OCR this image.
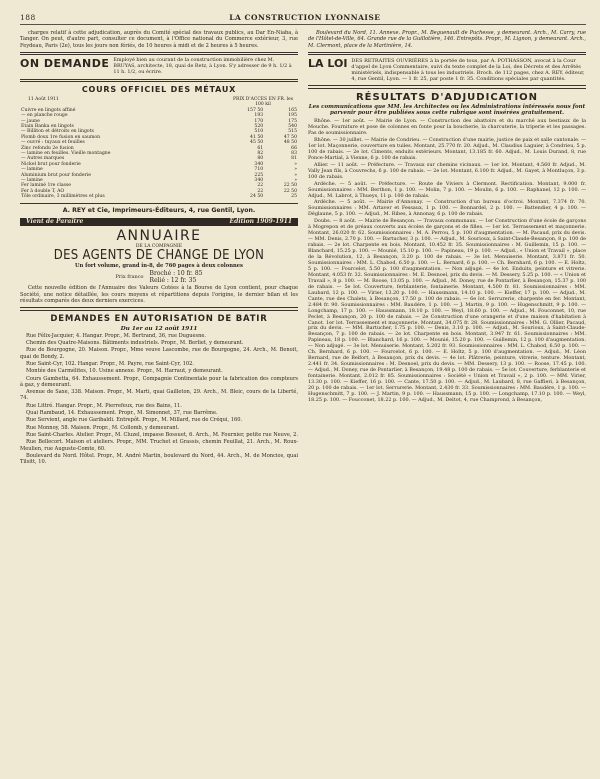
188	LA CONSTRUCTION LYONNAISE

charges relatif à cette adjudication, auprès du Comité spécial des travaux publics, au Dar En-Niaba, à Tanger. On peut, d'autre part, consulter ce document, à l'Office national du Commerce extérieur, 3, rue Feydeau, Paris (2e), tous les jours non fériés, de 10 heures à midi et de 2 heures à 5 heures.

ON DEMANDE Employé bien au courant de la construction immobilière chez M. BRUYAS, architecte, 18, quai de Retz, à Lyon. S'y adresser de 9 h. 1/2 à 11 h. 1/2, ou écrire.
COURS OFFICIEL DES MÉTAUX
11 Août 1911	PRIX D'ACCES EN FR. les 100 kil
Cuivre en lingots affiné	157 50	165
— en planche rouge	193	195
— jaune	170	175
Etain Banka en lingots	520	540
— Billiton et détroits en lingots	510	515
Plomb doux 1re fusion en saumon	41 50	47 50
— ouvré : tuyaux et feuilles	45 50	48 50
Zinc refondu 2e fusion	61	66
— lamine en feuilles. Vieille montagne	82	83
— Autres marques	80	81
Nickel brut pour fonderie	340	»
— lamine	710	»
Aluminium brut pour fonderie	225	»
— lamine	340	»
Fer laminé 1re classe	22	22 50
Fer à double T, AO	22	22 50
Tôle ordinaire, 3 millimètres et plus	24 50	25
A. REY et Cie, Imprimeurs-Éditeurs, 4, rue Gentil, Lyon.
Vient de Paraître	Édition 1909-1911
ANNUAIRE
DE LA COMPAGNIE
DES AGENTS DE CHANGE DE LYON
Un fort volume, grand in-8, de 760 pages à deux colonnes
Prix franco Broché : 10 fr. 85
Relié : 12 fr. 35

Cette nouvelle édition de l'Annuaire des Valeurs Cotées à la Bourse de Lyon contient, pour chaque Société, une notice détaillée, les cours moyens et répartitions depuis l'origine, le dernier bilan et les résultats comparés des deux derniers exercices.

DEMANDES EN AUTORISATION DE BATIR
Du 1er au 12 août 1911

Rue Félix-Jacquier, 4. Hangar. Propr., M. Bertrand, 36, rue Duguesne.

Chemin des Quatre-Maisons. Bâtiments industriels. Propr., M. Berliet, y demeurant.

Rue de Bourgogne, 20. Maison. Propr., Mme veuve Lascombe, rue de Bourgogne, 24. Arch., M. Benoit, quai de Bondy, 2.

Rue Saint-Cyr, 102. Hangar. Propr., M. Payre, rue Saint-Cyr, 102.

Montée des Carmélites, 10. Usine annexe. Propr., M. Harraut, y demeurant.

Cours Gambetta, 64. Exhaussement. Propr., Compagnie Continentale pour la fabrication des compteurs à gaz, y demeurant.

Avenue de Saxe, 338. Maison. Propr., M. Marti, quai Gailleton, 29. Arch., M. Bleic, cours de la Liberté, 74.

Rue Littré. Hangar. Propr., M. Pierrefeux, rue des Bains, 11.

Quai Rambaud, 14. Exhaussement. Propr., M. Simonnet, 37, rue Barrême.

Rue Servient, angle rue Garibaldi. Entrepôt. Propr., M. Millard, rue de Créqui, 160.

Rue Monnoy, 58. Maison. Propr., M. Collomb, y demeurant.

Rue Saint-Charles. Atelier. Propr., M. Cluzel, impasse Bossuet, 6. Arch., M. Fournier, petite rue Neuve, 2.

Rue Bellecort. Maison et ateliers. Propr., MM. Truchet et Grassis, chemin Feuillat, 21. Arch., M. Roux-Meulien, rue Auguste-Comte, 60.

Boulevard du Nord. Hôtel. Propr., M. André Martin, boulevard du Nord, 44. Arch., M. de Moncios, quai Tilsitt, 10.

Boulevard du Nord, 11. Annexe. Propr., M. Beguenault de Puchesse, y demeurant. Arch., M. Carry, rue de l'Hôtel-de-Ville, 64. Grande rue de la Guillotière, 146. Entrepôts. Propr., M. Lignon, y demeurant. Arch., M. Clermont, place de la Martinière, 14.

LA LOI DES RETRAITES OUVRIÈRES à la portée de tous, par A. POTHASSON, avocat à la Cour d'appel de Lyon Commentaire, suivi du texte complet de la Loi, des Décrets et des Arrêtés ministériels, indispensable à tous les industriels. Broch. de 112 pages, chez A. REY, éditeur, 4, rue Gentil, Lyon. — 1 fr. 25, par poste 1 fr. 35. Conditions spéciales par quantités.
RÉSULTATS D'ADJUDICATION
Les communications que MM. les Architectes ou les Administrations intéressés nous font parvenir pour être publiées sous cette rubrique sont insérées gratuitement.

Rhône. — 1er août. — Mairie de Lyon. — Construction des abattoirs et du marché aux bestiaux de la Mouche. Fourniture et pose de colonnes en fonte pour la boucherie, la charcuterie, la triperie et les passages. Pas de soumissionnaire.

Rhône. — 30 juillet. — Mairie de Condrieu. — Construction d'une mairie, justice de paix et salle cantonale. — 1er lot. Maçonnerie, couverture en tuiles. Montant, 25.770 fr. 20. Adjud., M. Claudius Laguier, à Condrieu, 5 p. 100 de rabais. — 2e lot. Ciments, enduits extérieurs. Montant, 13.185 fr. 60. Adjud., M. Louis Durand, 8, rue Ponce-Martial, à Vienne, 6 p. 100 de rabais.

Allier. — 11 août. — Préfecture. — Travaux sur chemins vicinaux. — 1er lot. Montant, 4.560 fr. Adjud., M. Vally Jean fils, à Couvrechs, 6 p. 100 de rabais. — 2e lot. Montant, 6.100 fr. Adjud., M. Gayet, à Montluçon, 3 p. 100 de rabais.

Ardèche. — 5 août. — Préfecture. — Route de Viviers à Clermont. Rectification. Montant, 9.000 fr. Soumissionnaires : MM. Berthon, 1 p. 100. — Molin, 7 p. 100. — Moulin, 6 p. 100. — Raphanel, 12 p. 100. — Adjud., M. Labrot, à Thueys, 11 p. 100 de rabais.

Ardèche. — 5 août. — Mairie d'Annonay. — Construction d'un bureau d'octroi. Montant, 7.374 fr. 70. Soumissionnaires : MM. Artaver et Fessaux, 1 p. 100. — Bonnardel, 2 p. 100. — Battendier, 4 p. 100. — Déglaune, 5 p. 100. — Adjud., M. Ribes, à Annonay, 6 p. 100 de rabais.

Doubs. — 8 août. — Mairie de Besançon. — Travaux communaux. — 1er Construction d'une école de garçons à Mogrepon et de préaux couverts aux écoles de garçons et de filles. — 1er lot. Terrassement et maçonnerie. Montant, 26.020 fr. 62. Soumissionnaires : M. A. Perrou, 5 p. 100 d'augmentation. — M. Pacaud, prix du devis. — MM. Denis, 2.70 p. 100. — Bartucher, 3 p. 100. — Adjud., M. Sourioux, à Saint-Claude-Besançon, 8 p. 100 de rabais. — 2e lot. Charpente en bois. Montant, 10.452 fr. 35. Soumissionnaires : M. Guillemin, 15 p. 100. — Blanchard, 15.25 p. 100. — Mounié, 15.10 p. 100. — Papineau, 19 p. 100. — Adjud., « Union et Travail », place de la Révolution, 12, à Besançon, 3.20 p. 100 de rabais. — 3e lot. Menuiserie. Montant, 3.871 fr. 50. Soumissionnaires : MM. L. Chabod, 6.50 p. 100. — L. Bernard, 6 p. 100. — Ch. Bernhard, 6 p. 100. — E. Holtz, 5 p. 100. — Fourcelot, 5.50 p. 100 d'augmentation. — Non adjugé. — 4e lot. Enduits, peinture et vitrerie. Montant, 4.053 fr. 32. Soumissionnaires : M. E. Desnoel, prix du devis. — M. Dessery, 5.25 p. 100. — « Union et Travail », 8 p. 100. — M. Roose, 13.05 p. 100. — Adjud., M. Doney, rue de Pontarlier, à Besançon, 15.37 p. 100 de rabais. — 5e lot. Couverture, ferblanterie, fontainerie. Montant, 4.500 fr. 81. Soumissionnaires : MM. Laubard, 12 p. 100. — Virier, 13.20 p. 100. — Haussmann, 14.10 p. 100. — Kieffer, 17 p. 100. — Adjud., M. Cante, rue des Chalets, à Besançon, 17.50 p. 100 de rabais. — 6e lot. Serrurerie, charpente en fer. Montant, 2.484 fr. 90. Soumissionnaires : MM. Baudére, 1 p. 100. — J. Martin, 9 p. 100. — Hugenschmitt, 9 p. 100. — Longchamp, 17 p. 100. — Haussmann, 18.10 p. 100. — Weyl, 18.60 p. 100. — Adjud., M. Fouconnet, 10, rue Peclet, à Besançon, 20 p. 100 de rabais. — 2e Construction d'une orangerie et d'une maison d'habitation à Canot. 1er lot. Terrassement et maçonnerie. Montant, 34.075 fr. 28. Soumissionnaires : MM. G. Ollier, Pacaud, prix du devis. — MM. Bartucher, 1.75 p. 100. — Denis, 3.10 p. 100. — Adjud., M. Sourioux, à Saint-Claude-Besançon, 7 p. 100 de rabais. — 2e lot. Charpente en bois. Montant, 3.947 fr. 61. Soumissionnaires : MM. Papineau, 18 p. 100. — Blanchard, 16 p. 100. — Mounié, 15.20 p. 100. — Guillemin, 12 p. 100 d'augmentation. — Non adjugé. — 3e lot. Menuiserie. Montant, 5.202 fr. 93. Soumissionnaires : MM. L. Chabod, 6.50 p. 100. — Ch. Bernhard, 6 p. 100. — Fourcelot, 6 p. 100. — E. Holtz, 5 p. 100 d'augmentation. — Adjud., M. Léon Bernard, rue de Belfort, à Besançon, prix du devis. — 4e lot. Plâtrerie, peinture, vitrerie, tenture. Montant, 2.441 fr. 34. Soumissionnaires : M. Desnoel, prix du devis. — MM. Dessery, 13 p. 100. — Roose, 17.45 p. 100. — Adjud., M. Doney, rue de Pontarlier, à Besançon, 19.48 p. 100 de rabais. — 5e lot. Couverture, ferblanterie et fontainerie. Montant, 2.012 fr. 85. Soumissionnaires : Société « Union et Travail », 2 p. 100. — MM. Virier, 13.30 p. 100. — Kieffer, 16 p. 100. — Cante, 17.50 p. 100. — Adjud., M. Laubard, 8, rue Gaffieri, à Besançon, 20 p. 100 de rabais. — 1er lot. Serrurerie. Montant, 2.430 fr. 33. Soumissionnaires : MM. Baudére, 1 p. 100. — Hugenschmitt, 7 p. 100. — J. Martin, 9 p. 100. — Haussmann, 15 p. 100. — Longchamp, 17.10 p. 100. — Weyl, 18.25 p. 100. — Foucconet, 18.22 p. 100. — Adjud., M. Deltot, 4, rue Champrond, à Besançon,
